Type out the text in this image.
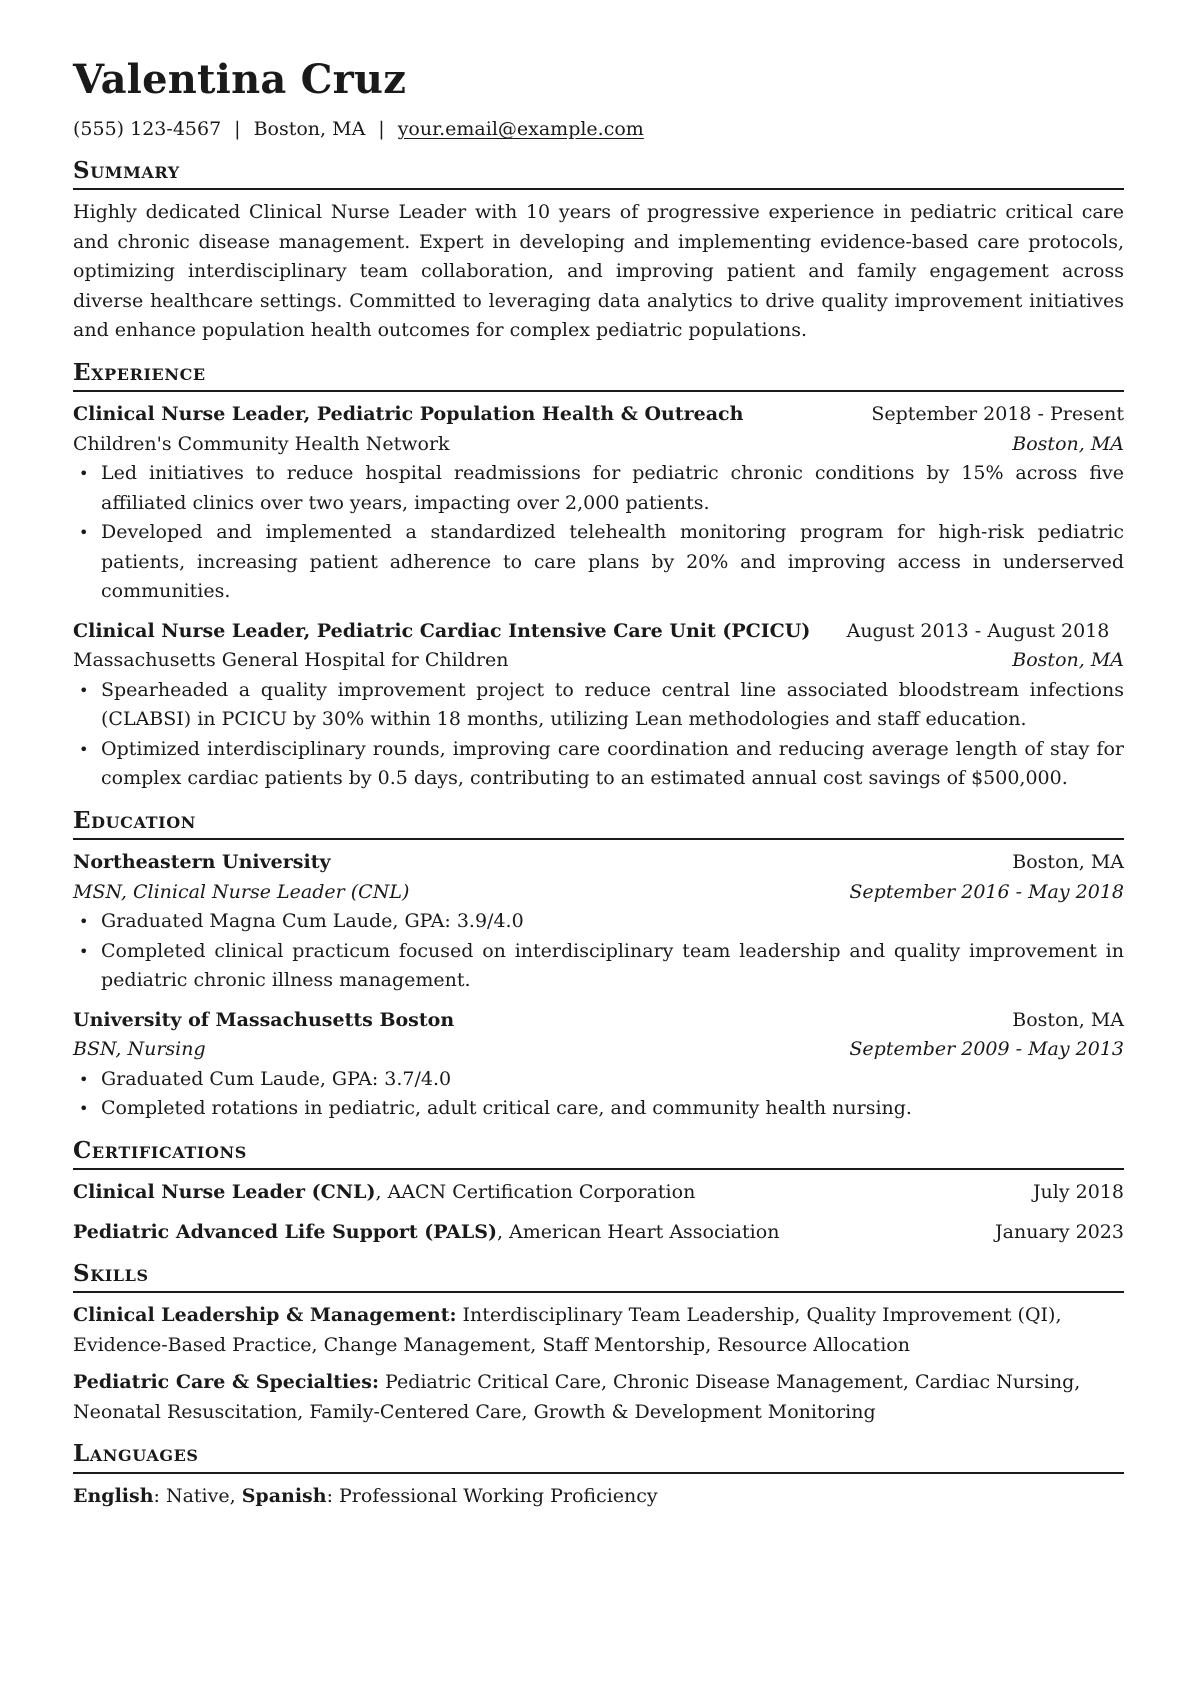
Valentina Cruz
(555) 123-4567 | Boston, MA | your.email@example.com
Summary
Highly dedicated Clinical Nurse Leader with 10 years of progressive experience in pediatric critical care and chronic disease management. Expert in developing and implementing evidence-based care protocols, optimizing interdisciplinary team collaboration, and improving patient and family engagement across diverse healthcare settings. Committed to leveraging data analytics to drive quality improvement initiatives and enhance population health outcomes for complex pediatric populations.
Experience
Clinical Nurse Leader, Pediatric Population Health & Outreach	September 2018 - Present
Children's Community Health Network	Boston, MA
• Led initiatives to reduce hospital readmissions for pediatric chronic conditions by 15% across five affiliated clinics over two years, impacting over 2,000 patients.
• Developed and implemented a standardized telehealth monitoring program for high-risk pediatric patients, increasing patient adherence to care plans by 20% and improving access in underserved communities.
Clinical Nurse Leader, Pediatric Cardiac Intensive Care Unit (PCICU) August 2013 - August 2018
Massachusetts General Hospital for Children	Boston, MA
• Spearheaded a quality improvement project to reduce central line associated bloodstream infections (CLABSI) in PCICU by 30% within 18 months, utilizing Lean methodologies and staff education.
• Optimized interdisciplinary rounds, improving care coordination and reducing average length of stay for complex cardiac patients by 0.5 days, contributing to an estimated annual cost savings of $500,000.
Education
Northeastern University	Boston, MA
MSN, Clinical Nurse Leader (CNL)	September 2016 - May 2018
• Graduated Magna Cum Laude, GPA: 3.9/4.0
• Completed clinical practicum focused on interdisciplinary team leadership and quality improvement in pediatric chronic illness management.
University of Massachusetts Boston	Boston, MA
BSN, Nursing	September 2009 - May 2013
• Graduated Cum Laude, GPA: 3.7/4.0
• Completed rotations in pediatric, adult critical care, and community health nursing.
Certifications
Clinical Nurse Leader (CNL), AACN Certification Corporation	July 2018
Pediatric Advanced Life Support (PALS), American Heart Association	January 2023
Skills
Clinical Leadership & Management: Interdisciplinary Team Leadership, Quality Improvement (QI), Evidence-Based Practice, Change Management, Staff Mentorship, Resource Allocation
Pediatric Care & Specialties: Pediatric Critical Care, Chronic Disease Management, Cardiac Nursing, Neonatal Resuscitation, Family-Centered Care, Growth & Development Monitoring
Languages
English: Native, Spanish: Professional Working Proficiency
